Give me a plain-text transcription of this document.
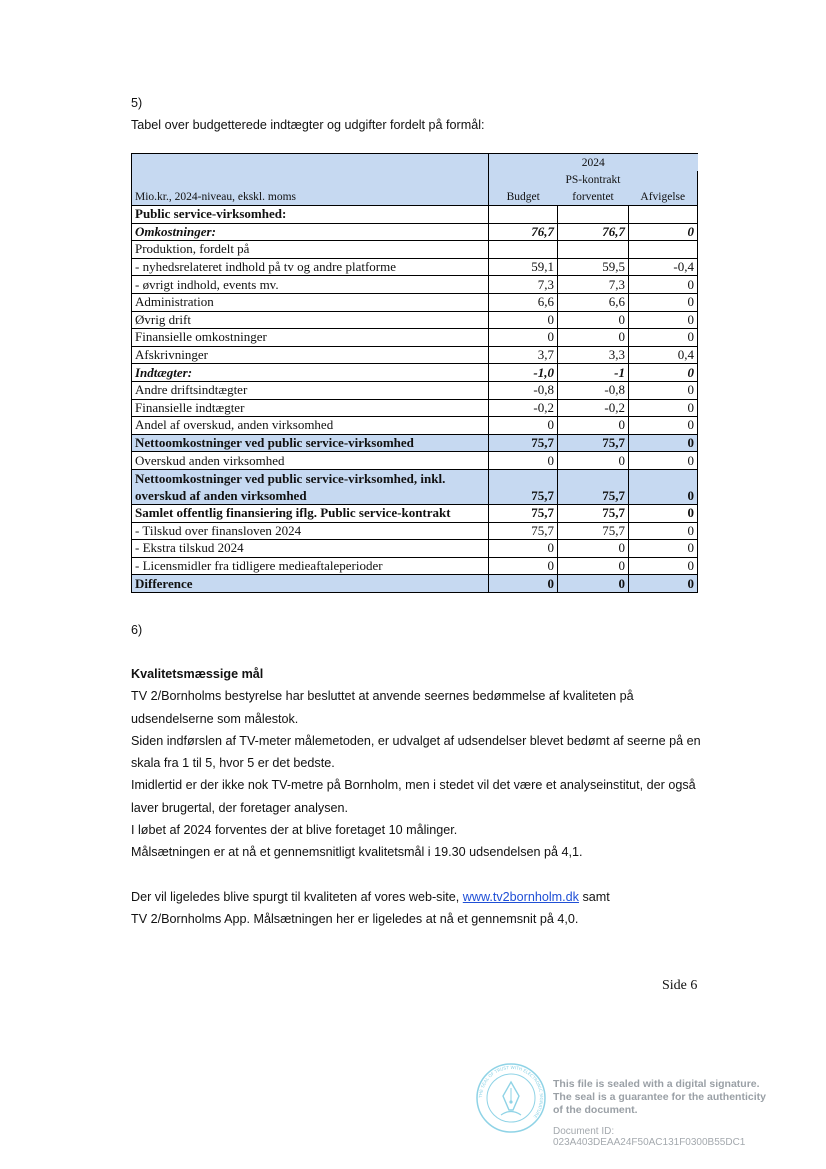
5)
Tabel over budgetterede indtægter og udgifter fordelt på formål:
	2024		
		PS-kontrakt	
Mio.kr., 2024-niveau, ekskl. moms	Budget	forventet	Afvigelse
Public service-virksomhed:			
Omkostninger:	76,7	76,7	0
Produktion, fordelt på			
- nyhedsrelateret indhold på tv og andre platforme	59,1	59,5	-0,4
- øvrigt indhold, events mv.	7,3	7,3	0
Administration	6,6	6,6	0
Øvrig drift	0	0	0
Finansielle omkostninger	0	0	0
Afskrivninger	3,7	3,3	0,4
Indtægter:	-1,0	-1	0
Andre driftsindtægter	-0,8	-0,8	0
Finansielle indtægter	-0,2	-0,2	0
Andel af overskud, anden virksomhed	0	0	0
Nettoomkostninger ved public service-virksomhed	75,7	75,7	0
Overskud anden virksomhed	0	0	0
Nettoomkostninger ved public service-virksomhed, inkl. overskud af anden virksomhed	75,7	75,7	0
Samlet offentlig finansiering iflg. Public service-kontrakt	75,7	75,7	0
- Tilskud over finansloven 2024	75,7	75,7	0
- Ekstra tilskud 2024	0	0	0
- Licensmidler fra tidligere medieaftaleperioder	0	0	0
Difference	0	0	0
6)

Kvalitetsmæssige mål

TV 2/Bornholms bestyrelse har besluttet at anvende seernes bedømmelse af kvaliteten på udsendelserne som målestok.

Siden indførslen af TV-meter målemetoden, er udvalget af udsendelser blevet bedømt af seerne på en skala fra 1 til 5, hvor 5 er det bedste.

Imidlertid er der ikke nok TV-metre på Bornholm, men i stedet vil det være et analyseinstitut, der også laver brugertal, der foretager analysen.

I løbet af 2024 forventes der at blive foretaget 10 målinger.

Målsætningen er at nå et gennemsnitligt kvalitetsmål i 19.30 udsendelsen på 4,1.

Der vil ligeledes blive spurgt til kvaliteten af vores web-site, www.tv2bornholm.dk samt

TV 2/Bornholms App. Målsætningen her er ligeledes at nå et gennemsnit på 4,0.

Side 6
THE SEAL OF TRUST WITH ELECTRONIC SIGNATURE
This file is sealed with a digital signature.
The seal is a guarantee for the authenticity
of the document.
Document ID:
023A403DEAA24F50AC131F0300B55DC1
